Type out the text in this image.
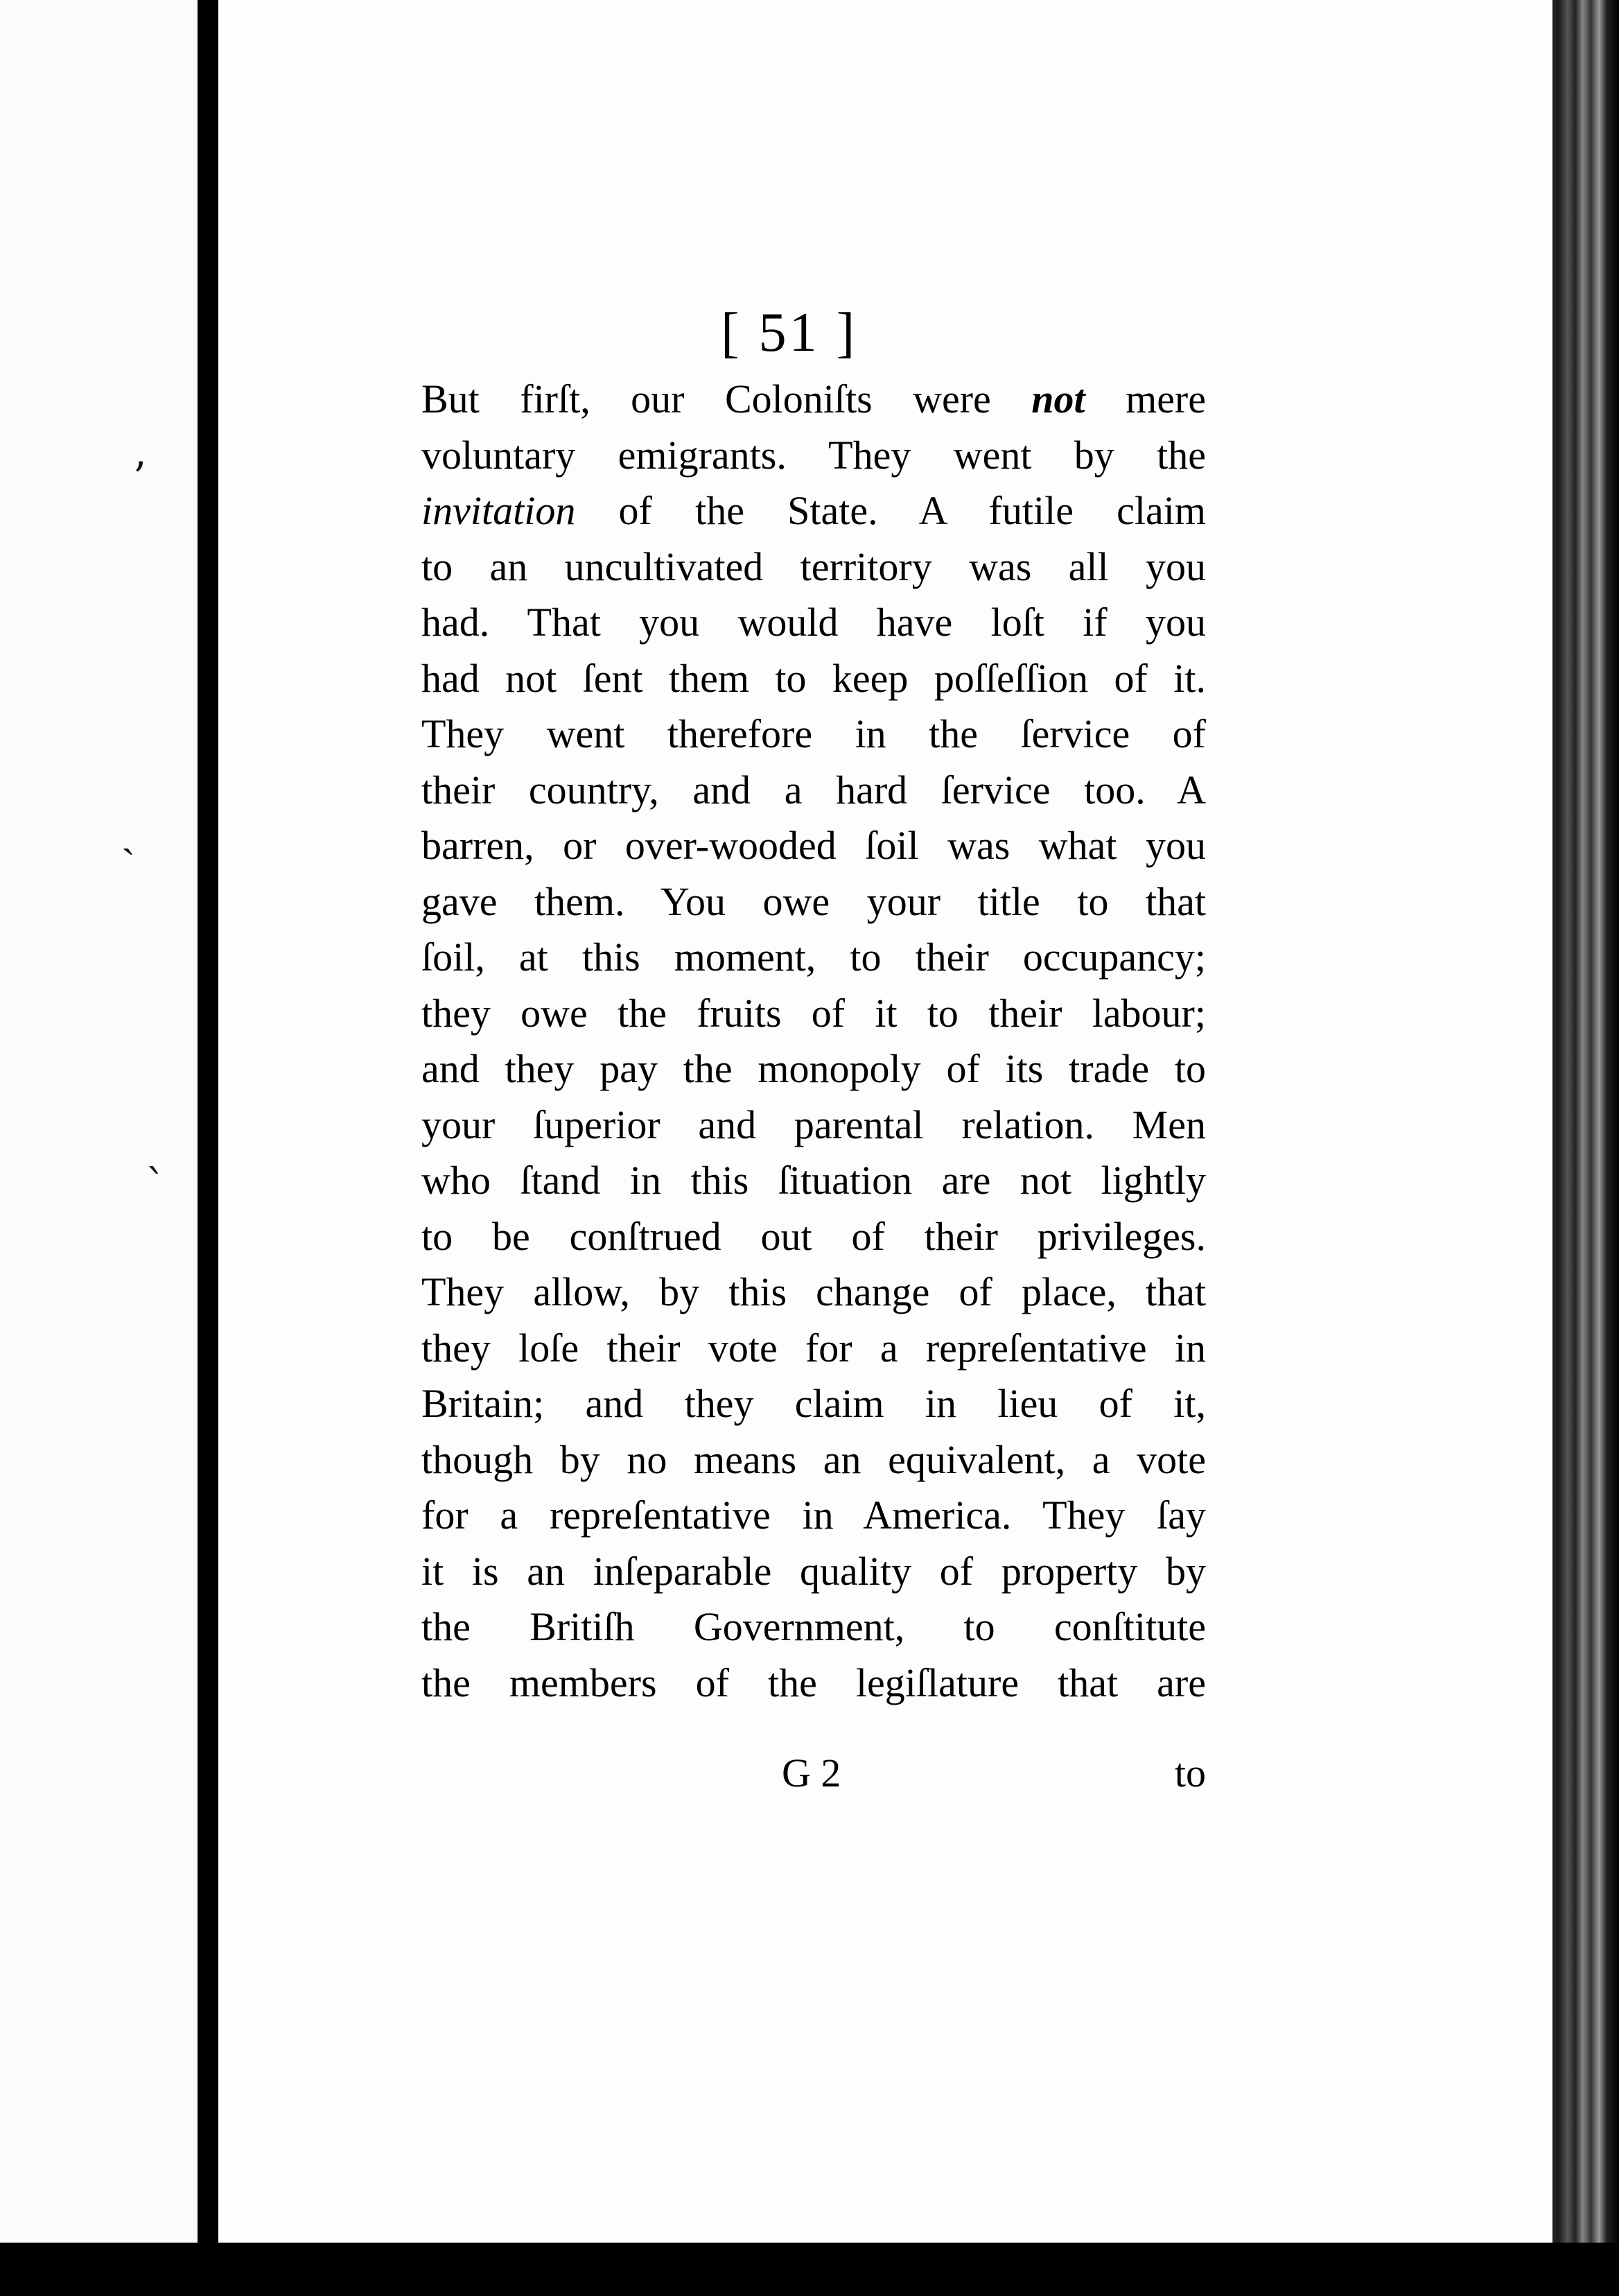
ʼ
ˏ
ˋ
[ 51 ]
But firſt, our Coloniſts were not mere
voluntary emigrants. They went by the
invitation of the State. A futile claim
to an uncultivated territory was all you
had. That you would have loſt if you
had not ſent them to keep poſſeſſion of it.
They went therefore in the ſervice of
their country, and a hard ſervice too. A
barren, or over-wooded ſoil was what you
gave them. You owe your title to that
ſoil, at this moment, to their occupancy;
they owe the fruits of it to their labour;
and they pay the monopoly of its trade to
your ſuperior and parental relation. Men
who ſtand in this ſituation are not lightly
to be conſtrued out of their privileges.
They allow, by this change of place, that
they loſe their vote for a repreſentative in
Britain; and they claim in lieu of it,
though by no means an equivalent, a vote
for a repreſentative in America. They ſay
it is an inſeparable quality of property by
the Britiſh Government, to conſtitute
the members of the legiſlature that are
G 2	to
